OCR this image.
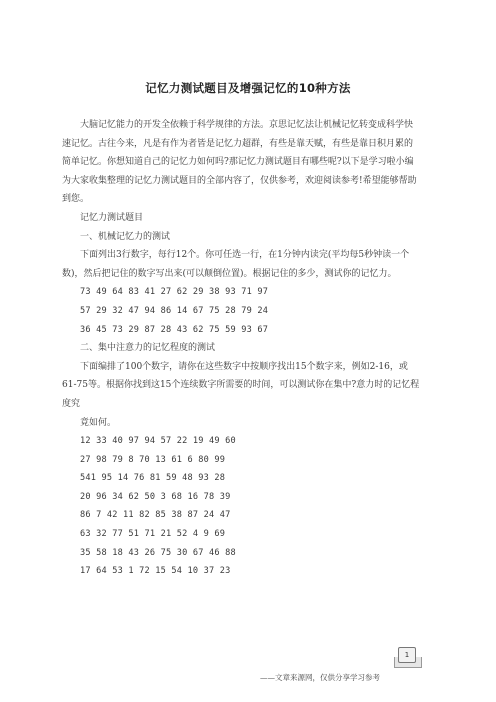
记忆力测试题目及增强记忆的10种方法

大脑记忆能力的开发全依赖于科学规律的方法。京思记忆法让机械记忆转变成科学快速记忆。古往今来，凡是有作为者皆是记忆力超群，有些是靠天赋，有些是靠日积月累的简单记忆。你想知道自己的记忆力如何吗?那记忆力测试题目有哪些呢?以下是学习啦小编为大家收集整理的记忆力测试题目的全部内容了，仅供参考，欢迎阅读参考!希望能够帮助到您。

记忆力测试题目

一、机械记忆力的测试

下面列出3行数字，每行12个。你可任选一行，在1分钟内读完(平均每5秒钟读一个数)，然后把记住的数字写出来(可以颠倒位置)。根据记住的多少，测试你的记忆力。

73 49 64 83 41 27 62 29 38 93 71 97

57 29 32 47 94 86 14 67 75 28 79 24

36 45 73 29 87 28 43 62 75 59 93 67

二、集中注意力的记忆程度的测试

下面编排了100个数字，请你在这些数字中按顺序找出15个数字来，例如2-16，或61-75等。根据你找到这15个连续数字所需要的时间，可以测试你在集中?意力时的记忆程度究

竟如何。

12 33 40 97 94 57 22 19 49 60

27 98 79 8 70 13 61 6 80 99

541 95 14 76 81 59 48 93 28

20 96 34 62 50 3 68 16 78 39

86 7 42 11 82 85 38 87 24 47

63 32 77 51 71 21 52 4 9 69

35 58 18 43 26 75 30 67 46 88

17 64 53 1 72 15 54 10 37 23

1
——文章来源网，仅供分享学习参考
